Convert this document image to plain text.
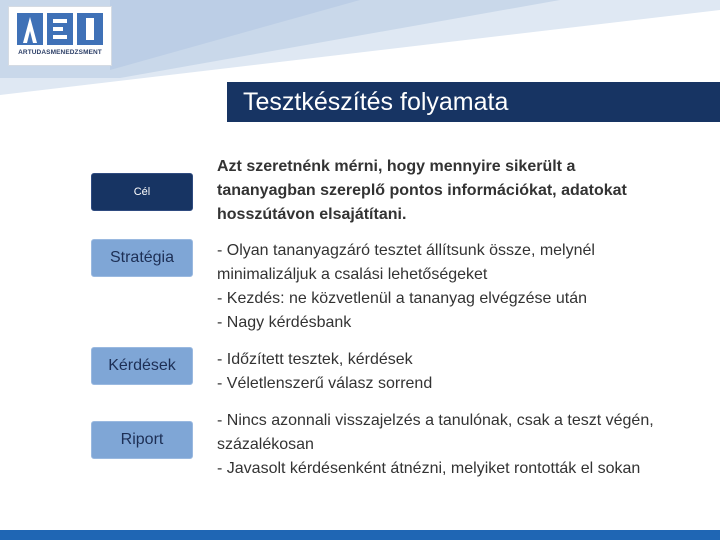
ARTUDASMENEDZSMENT
Tesztkészítés folyamata
Cél
Azt szeretnénk mérni, hogy mennyire sikerült a
tananyagban szereplő pontos információkat, adatokat
hosszútávon elsajátítani.
Stratégia	- Olyan tananyagzáró tesztet állítsunk össze, melynél
minimalizáljuk a csalási lehetőségeket
- Kezdés: ne közvetlenül a tananyag elvégzése után
- Nagy kérdésbank
Kérdések	- Időzített tesztek, kérdések
- Véletlenszerű válasz sorrend
Riport
- Nincs azonnali visszajelzés a tanulónak, csak a teszt végén,
százalékosan
- Javasolt kérdésenként átnézni, melyiket rontották el sokan
